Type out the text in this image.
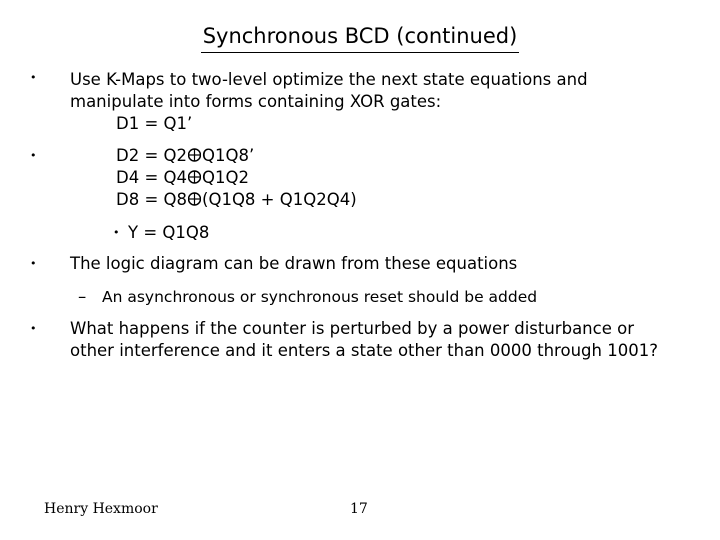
Synchronous BCD (continued)
• Use K-Maps to two-level optimize the next state equations and
manipulate into forms containing XOR gates:
D1 = Q1’
•	D2 = Q2 Q1Q8’
D4 = Q4 Q1Q2
D8 = Q8 (Q1Q8 + Q1Q2Q4)
• Y = Q1Q8
• The logic diagram can be drawn from these equations
– An asynchronous or synchronous reset should be added
• What happens if the counter is perturbed by a power disturbance or
other interference and it enters a state other than 0000 through 1001?
Henry Hexmoor	17
